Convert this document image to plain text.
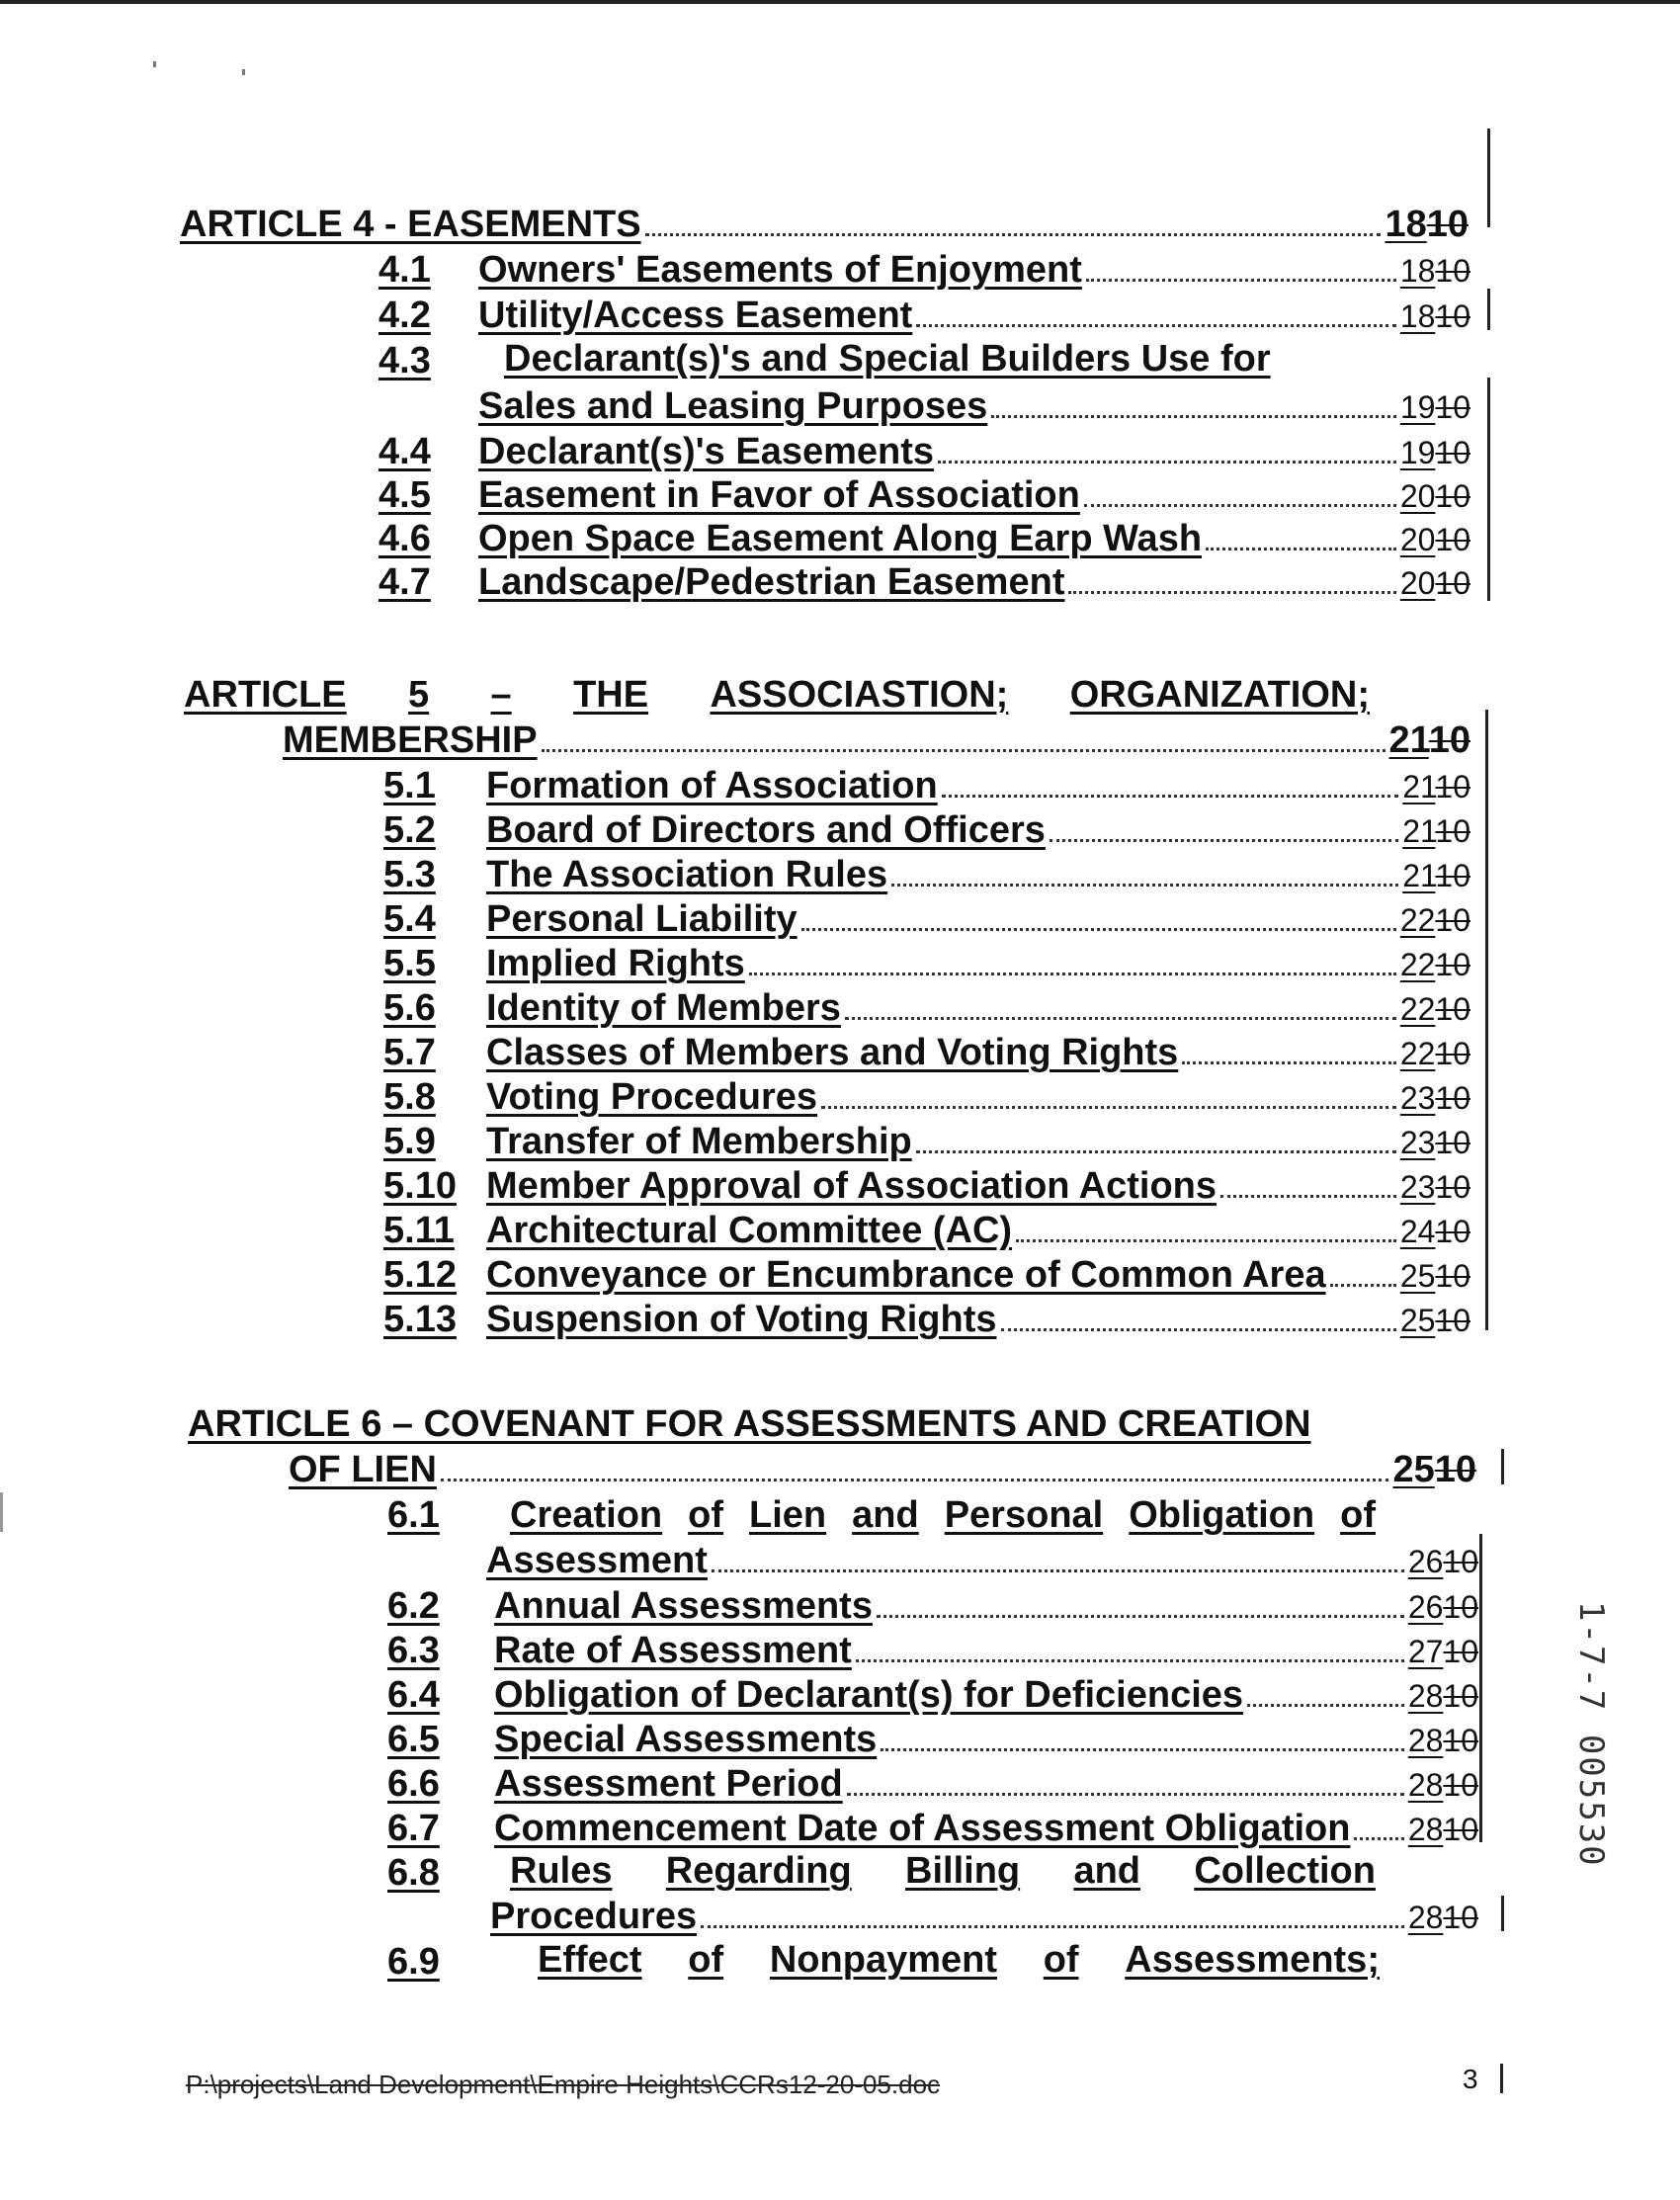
ARTICLE 4 - EASEMENTS	1810
4.1 Owners' Easements of Enjoyment	1810
4.2 Utility/Access Easement	1810
4.3 Declarant(s)'s and Special Builders Use for
Sales and Leasing Purposes	1910
4.4 Declarant(s)'s Easements	1910
4.5 Easement in Favor of Association	2010
4.6 Open Space Easement Along Earp Wash	2010
4.7 Landscape/Pedestrian Easement	2010
ARTICLE 5 – THE ASSOCIASTION; ORGANIZATION;
MEMBERSHIP	2110
5.1 Formation of Association	2110
5.2 Board of Directors and Officers	2110
5.3 The Association Rules	2110
5.4 Personal Liability	2210
5.5 Implied Rights	2210
5.6 Identity of Members	2210
5.7 Classes of Members and Voting Rights	2210
5.8 Voting Procedures	2310
5.9 Transfer of Membership	2310
5.10 Member Approval of Association Actions	2310
5.11 Architectural Committee (AC)	2410
5.12 Conveyance or Encumbrance of Common Area 2510
5.13 Suspension of Voting Rights	2510
ARTICLE 6 – COVENANT FOR ASSESSMENTS AND CREATION
OF LIEN	2510
6.1 Creation of Lien and Personal Obligation of
Assessment	2610
6.2 Annual Assessments	2610
6.3 Rate of Assessment	2710
6.4 Obligation of Declarant(s) for Deficiencies	2810
6.5 Special Assessments	2810
6.6 Assessment Period	2810
6.7 Commencement Date of Assessment Obligation 2810
6.8 Rules Regarding Billing and Collection
Procedures	2810
6.9	Effect of Nonpayment of Assessments;
1-7-7 005530
P:\projects\Land Development\Empire Heights\CCRs12-20-05.doc	3
